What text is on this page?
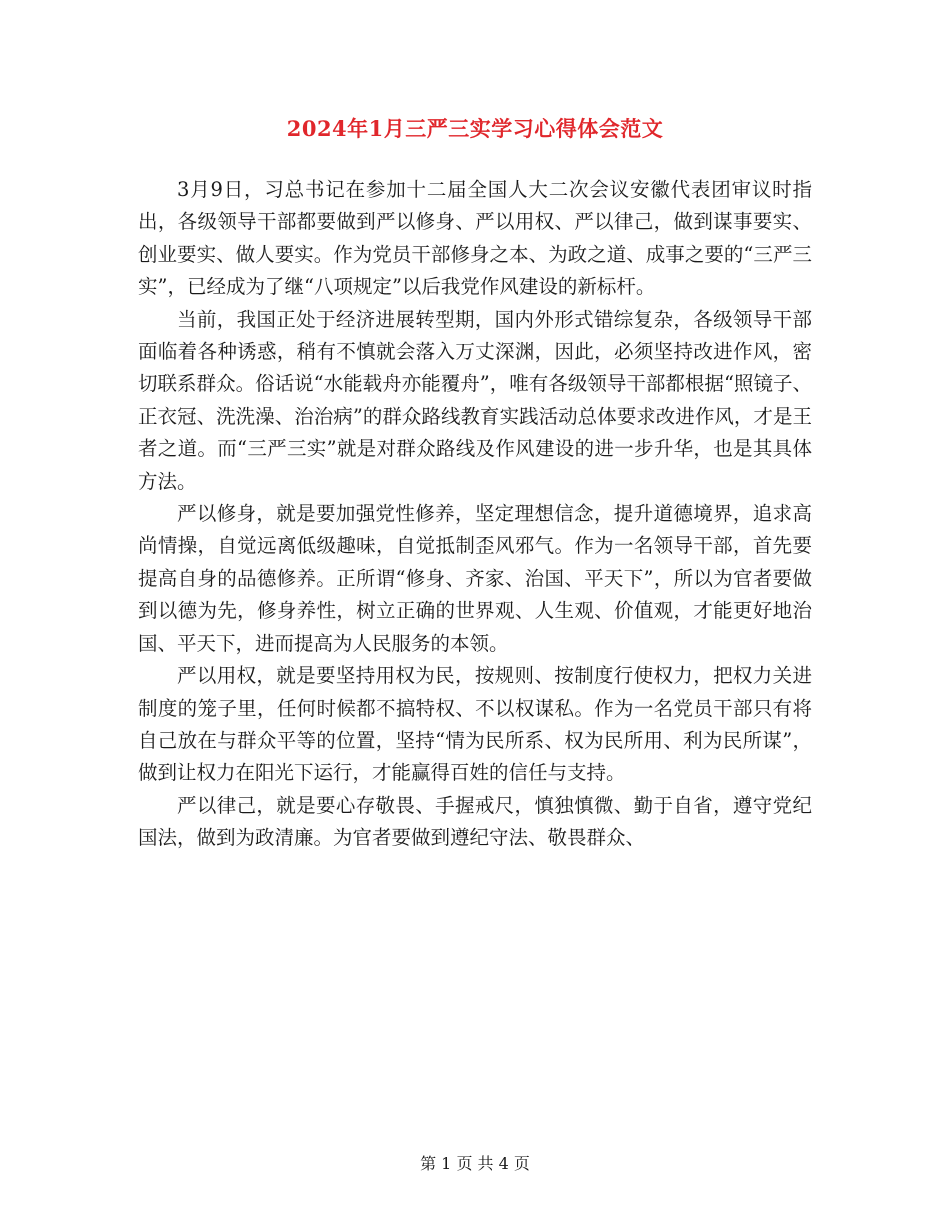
2024年1月三严三实学习心得体会范文

3月9日，习总书记在参加十二届全国人大二次会议安徽代表团审议时指出，各级领导干部都要做到严以修身、严以用权、严以律己，做到谋事要实、创业要实、做人要实。作为党员干部修身之本、为政之道、成事之要的“三严三实”，已经成为了继“八项规定”以后我党作风建设的新标杆。

当前，我国正处于经济进展转型期，国内外形式错综复杂，各级领导干部面临着各种诱惑，稍有不慎就会落入万丈深渊，因此，必须坚持改进作风，密切联系群众。俗话说“水能载舟亦能覆舟”，唯有各级领导干部都根据“照镜子、正衣冠、洗洗澡、治治病”的群众路线教育实践活动总体要求改进作风，才是王者之道。而“三严三实”就是对群众路线及作风建设的进一步升华，也是其具体方法。

严以修身，就是要加强党性修养，坚定理想信念，提升道德境界，追求高尚情操，自觉远离低级趣味，自觉抵制歪风邪气。作为一名领导干部，首先要提高自身的品德修养。正所谓“修身、齐家、治国、平天下”，所以为官者要做到以德为先，修身养性，树立正确的世界观、人生观、价值观，才能更好地治国、平天下，进而提高为人民服务的本领。

严以用权，就是要坚持用权为民，按规则、按制度行使权力，把权力关进制度的笼子里，任何时候都不搞特权、不以权谋私。作为一名党员干部只有将自己放在与群众平等的位置，坚持“情为民所系、权为民所用、利为民所谋”，做到让权力在阳光下运行，才能赢得百姓的信任与支持。

严以律己，就是要心存敬畏、手握戒尺，慎独慎微、勤于自省，遵守党纪国法，做到为政清廉。为官者要做到遵纪守法、敬畏群众、

第 1 页 共 4 页
